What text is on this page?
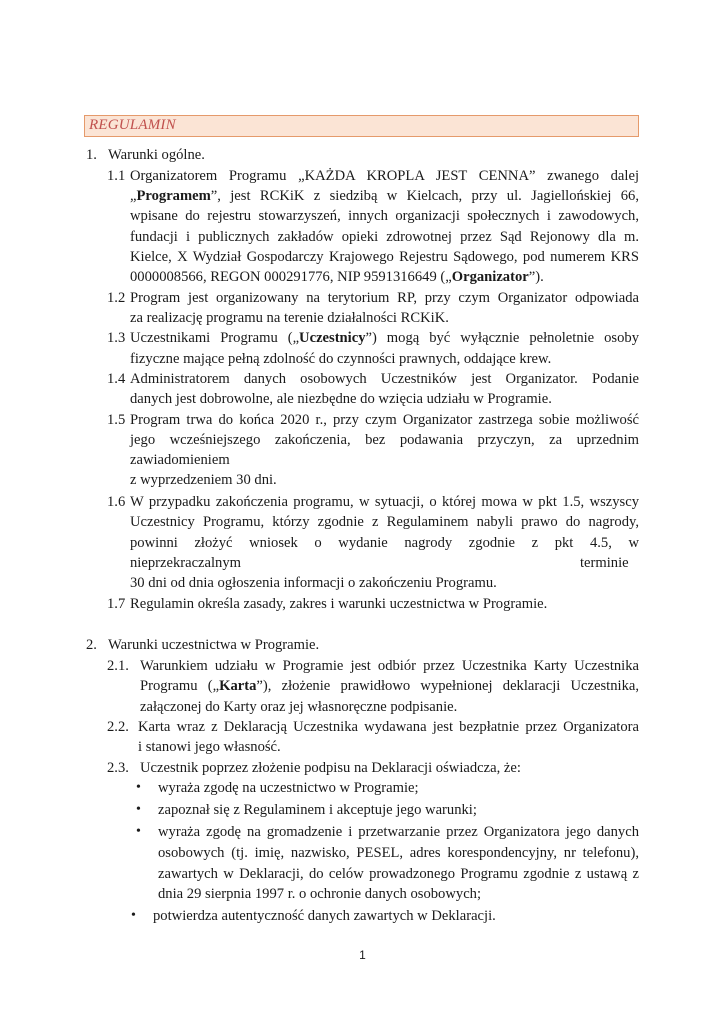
REGULAMIN
1. Warunki ogólne.
1.1 Organizatorem Programu „KAŻDA KROPLA JEST CENNA” zwanego dalej
„Programem”, jest RCKiK z siedzibą w Kielcach, przy ul. Jagiellońskiej 66,
wpisane do rejestru stowarzyszeń, innych organizacji społecznych i zawodowych,
fundacji i publicznych zakładów opieki zdrowotnej przez Sąd Rejonowy dla m.
Kielce, X Wydział Gospodarczy Krajowego Rejestru Sądowego, pod numerem KRS
0000008566, REGON 000291776, NIP 9591316649 („Organizator”).
1.2 Program jest organizowany na terytorium RP, przy czym Organizator odpowiada
za realizację programu na terenie działalności RCKiK.
1.3 Uczestnikami Programu („Uczestnicy”) mogą być wyłącznie pełnoletnie osoby
fizyczne mające pełną zdolność do czynności prawnych, oddające krew.
1.4 Administratorem danych osobowych Uczestników jest Organizator. Podanie
danych jest dobrowolne, ale niezbędne do wzięcia udziału w Programie.
1.5 Program trwa do końca 2020 r., przy czym Organizator zastrzega sobie możliwość
jego wcześniejszego zakończenia, bez podawania przyczyn, za uprzednim
zawiadomieniem
z wyprzedzeniem 30 dni.
1.6 W przypadku zakończenia programu, w sytuacji, o której mowa w pkt 1.5, wszyscy
Uczestnicy Programu, którzy zgodnie z Regulaminem nabyli prawo do nagrody,
powinni złożyć wniosek o wydanie nagrody zgodnie z pkt 4.5, w
nieprzekraczalnym	terminie
30 dni od dnia ogłoszenia informacji o zakończeniu Programu.
1.7 Regulamin określa zasady, zakres i warunki uczestnictwa w Programie.
2. Warunki uczestnictwa w Programie.
2.1. Warunkiem udziału w Programie jest odbiór przez Uczestnika Karty Uczestnika
Programu („Karta”), złożenie prawidłowo wypełnionej deklaracji Uczestnika,
załączonej do Karty oraz jej własnoręczne podpisanie.
2.2. Karta wraz z Deklaracją Uczestnika wydawana jest bezpłatnie przez Organizatora
i stanowi jego własność.
2.3. Uczestnik poprzez złożenie podpisu na Deklaracji oświadcza, że:
• wyraża zgodę na uczestnictwo w Programie;
• zapoznał się z Regulaminem i akceptuje jego warunki;
• wyraża zgodę na gromadzenie i przetwarzanie przez Organizatora jego danych
osobowych (tj. imię, nazwisko, PESEL, adres korespondencyjny, nr telefonu),
zawartych w Deklaracji, do celów prowadzonego Programu zgodnie z ustawą z
dnia 29 sierpnia 1997 r. o ochronie danych osobowych;
• potwierdza autentyczność danych zawartych w Deklaracji.
1
